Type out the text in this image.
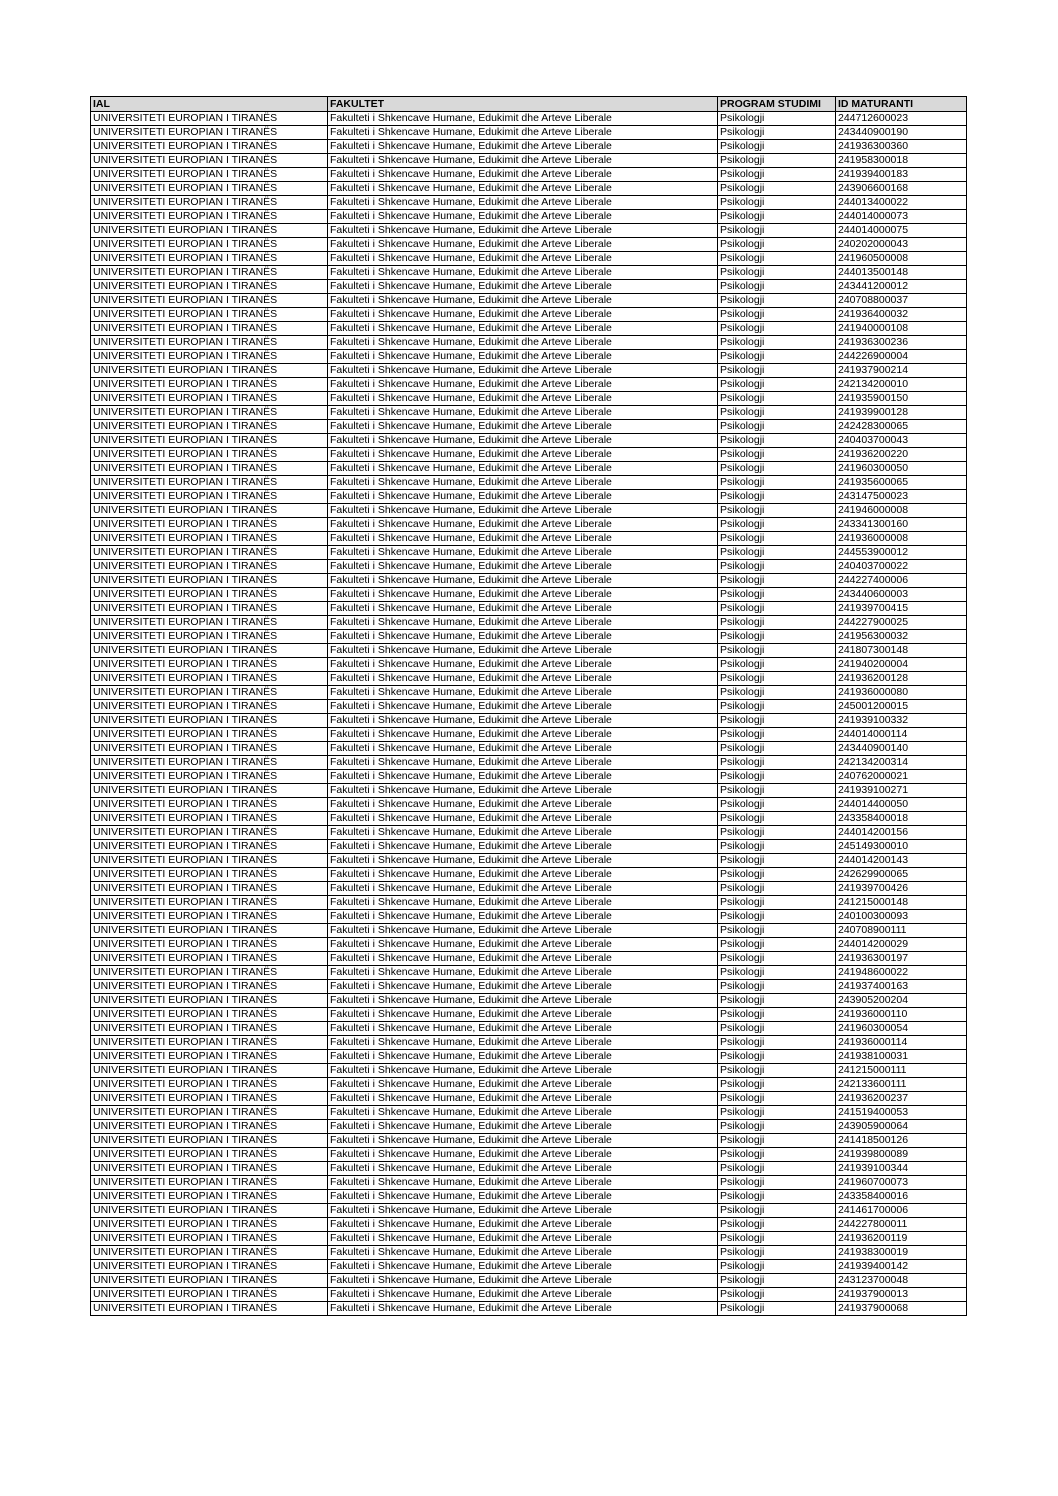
IAL	FAKULTET	PROGRAM STUDIMI	ID MATURANTI
UNIVERSITETI EUROPIAN I TIRANËS	Fakulteti i Shkencave Humane, Edukimit dhe Arteve Liberale	Psikologji	244712600023
UNIVERSITETI EUROPIAN I TIRANËS	Fakulteti i Shkencave Humane, Edukimit dhe Arteve Liberale	Psikologji	243440900190
UNIVERSITETI EUROPIAN I TIRANËS	Fakulteti i Shkencave Humane, Edukimit dhe Arteve Liberale	Psikologji	241936300360
UNIVERSITETI EUROPIAN I TIRANËS	Fakulteti i Shkencave Humane, Edukimit dhe Arteve Liberale	Psikologji	241958300018
UNIVERSITETI EUROPIAN I TIRANËS	Fakulteti i Shkencave Humane, Edukimit dhe Arteve Liberale	Psikologji	241939400183
UNIVERSITETI EUROPIAN I TIRANËS	Fakulteti i Shkencave Humane, Edukimit dhe Arteve Liberale	Psikologji	243906600168
UNIVERSITETI EUROPIAN I TIRANËS	Fakulteti i Shkencave Humane, Edukimit dhe Arteve Liberale	Psikologji	244013400022
UNIVERSITETI EUROPIAN I TIRANËS	Fakulteti i Shkencave Humane, Edukimit dhe Arteve Liberale	Psikologji	244014000073
UNIVERSITETI EUROPIAN I TIRANËS	Fakulteti i Shkencave Humane, Edukimit dhe Arteve Liberale	Psikologji	244014000075
UNIVERSITETI EUROPIAN I TIRANËS	Fakulteti i Shkencave Humane, Edukimit dhe Arteve Liberale	Psikologji	240202000043
UNIVERSITETI EUROPIAN I TIRANËS	Fakulteti i Shkencave Humane, Edukimit dhe Arteve Liberale	Psikologji	241960500008
UNIVERSITETI EUROPIAN I TIRANËS	Fakulteti i Shkencave Humane, Edukimit dhe Arteve Liberale	Psikologji	244013500148
UNIVERSITETI EUROPIAN I TIRANËS	Fakulteti i Shkencave Humane, Edukimit dhe Arteve Liberale	Psikologji	243441200012
UNIVERSITETI EUROPIAN I TIRANËS	Fakulteti i Shkencave Humane, Edukimit dhe Arteve Liberale	Psikologji	240708800037
UNIVERSITETI EUROPIAN I TIRANËS	Fakulteti i Shkencave Humane, Edukimit dhe Arteve Liberale	Psikologji	241936400032
UNIVERSITETI EUROPIAN I TIRANËS	Fakulteti i Shkencave Humane, Edukimit dhe Arteve Liberale	Psikologji	241940000108
UNIVERSITETI EUROPIAN I TIRANËS	Fakulteti i Shkencave Humane, Edukimit dhe Arteve Liberale	Psikologji	241936300236
UNIVERSITETI EUROPIAN I TIRANËS	Fakulteti i Shkencave Humane, Edukimit dhe Arteve Liberale	Psikologji	244226900004
UNIVERSITETI EUROPIAN I TIRANËS	Fakulteti i Shkencave Humane, Edukimit dhe Arteve Liberale	Psikologji	241937900214
UNIVERSITETI EUROPIAN I TIRANËS	Fakulteti i Shkencave Humane, Edukimit dhe Arteve Liberale	Psikologji	242134200010
UNIVERSITETI EUROPIAN I TIRANËS	Fakulteti i Shkencave Humane, Edukimit dhe Arteve Liberale	Psikologji	241935900150
UNIVERSITETI EUROPIAN I TIRANËS	Fakulteti i Shkencave Humane, Edukimit dhe Arteve Liberale	Psikologji	241939900128
UNIVERSITETI EUROPIAN I TIRANËS	Fakulteti i Shkencave Humane, Edukimit dhe Arteve Liberale	Psikologji	242428300065
UNIVERSITETI EUROPIAN I TIRANËS	Fakulteti i Shkencave Humane, Edukimit dhe Arteve Liberale	Psikologji	240403700043
UNIVERSITETI EUROPIAN I TIRANËS	Fakulteti i Shkencave Humane, Edukimit dhe Arteve Liberale	Psikologji	241936200220
UNIVERSITETI EUROPIAN I TIRANËS	Fakulteti i Shkencave Humane, Edukimit dhe Arteve Liberale	Psikologji	241960300050
UNIVERSITETI EUROPIAN I TIRANËS	Fakulteti i Shkencave Humane, Edukimit dhe Arteve Liberale	Psikologji	241935600065
UNIVERSITETI EUROPIAN I TIRANËS	Fakulteti i Shkencave Humane, Edukimit dhe Arteve Liberale	Psikologji	243147500023
UNIVERSITETI EUROPIAN I TIRANËS	Fakulteti i Shkencave Humane, Edukimit dhe Arteve Liberale	Psikologji	241946000008
UNIVERSITETI EUROPIAN I TIRANËS	Fakulteti i Shkencave Humane, Edukimit dhe Arteve Liberale	Psikologji	243341300160
UNIVERSITETI EUROPIAN I TIRANËS	Fakulteti i Shkencave Humane, Edukimit dhe Arteve Liberale	Psikologji	241936000008
UNIVERSITETI EUROPIAN I TIRANËS	Fakulteti i Shkencave Humane, Edukimit dhe Arteve Liberale	Psikologji	244553900012
UNIVERSITETI EUROPIAN I TIRANËS	Fakulteti i Shkencave Humane, Edukimit dhe Arteve Liberale	Psikologji	240403700022
UNIVERSITETI EUROPIAN I TIRANËS	Fakulteti i Shkencave Humane, Edukimit dhe Arteve Liberale	Psikologji	244227400006
UNIVERSITETI EUROPIAN I TIRANËS	Fakulteti i Shkencave Humane, Edukimit dhe Arteve Liberale	Psikologji	243440600003
UNIVERSITETI EUROPIAN I TIRANËS	Fakulteti i Shkencave Humane, Edukimit dhe Arteve Liberale	Psikologji	241939700415
UNIVERSITETI EUROPIAN I TIRANËS	Fakulteti i Shkencave Humane, Edukimit dhe Arteve Liberale	Psikologji	244227900025
UNIVERSITETI EUROPIAN I TIRANËS	Fakulteti i Shkencave Humane, Edukimit dhe Arteve Liberale	Psikologji	241956300032
UNIVERSITETI EUROPIAN I TIRANËS	Fakulteti i Shkencave Humane, Edukimit dhe Arteve Liberale	Psikologji	241807300148
UNIVERSITETI EUROPIAN I TIRANËS	Fakulteti i Shkencave Humane, Edukimit dhe Arteve Liberale	Psikologji	241940200004
UNIVERSITETI EUROPIAN I TIRANËS	Fakulteti i Shkencave Humane, Edukimit dhe Arteve Liberale	Psikologji	241936200128
UNIVERSITETI EUROPIAN I TIRANËS	Fakulteti i Shkencave Humane, Edukimit dhe Arteve Liberale	Psikologji	241936000080
UNIVERSITETI EUROPIAN I TIRANËS	Fakulteti i Shkencave Humane, Edukimit dhe Arteve Liberale	Psikologji	245001200015
UNIVERSITETI EUROPIAN I TIRANËS	Fakulteti i Shkencave Humane, Edukimit dhe Arteve Liberale	Psikologji	241939100332
UNIVERSITETI EUROPIAN I TIRANËS	Fakulteti i Shkencave Humane, Edukimit dhe Arteve Liberale	Psikologji	244014000114
UNIVERSITETI EUROPIAN I TIRANËS	Fakulteti i Shkencave Humane, Edukimit dhe Arteve Liberale	Psikologji	243440900140
UNIVERSITETI EUROPIAN I TIRANËS	Fakulteti i Shkencave Humane, Edukimit dhe Arteve Liberale	Psikologji	242134200314
UNIVERSITETI EUROPIAN I TIRANËS	Fakulteti i Shkencave Humane, Edukimit dhe Arteve Liberale	Psikologji	240762000021
UNIVERSITETI EUROPIAN I TIRANËS	Fakulteti i Shkencave Humane, Edukimit dhe Arteve Liberale	Psikologji	241939100271
UNIVERSITETI EUROPIAN I TIRANËS	Fakulteti i Shkencave Humane, Edukimit dhe Arteve Liberale	Psikologji	244014400050
UNIVERSITETI EUROPIAN I TIRANËS	Fakulteti i Shkencave Humane, Edukimit dhe Arteve Liberale	Psikologji	243358400018
UNIVERSITETI EUROPIAN I TIRANËS	Fakulteti i Shkencave Humane, Edukimit dhe Arteve Liberale	Psikologji	244014200156
UNIVERSITETI EUROPIAN I TIRANËS	Fakulteti i Shkencave Humane, Edukimit dhe Arteve Liberale	Psikologji	245149300010
UNIVERSITETI EUROPIAN I TIRANËS	Fakulteti i Shkencave Humane, Edukimit dhe Arteve Liberale	Psikologji	244014200143
UNIVERSITETI EUROPIAN I TIRANËS	Fakulteti i Shkencave Humane, Edukimit dhe Arteve Liberale	Psikologji	242629900065
UNIVERSITETI EUROPIAN I TIRANËS	Fakulteti i Shkencave Humane, Edukimit dhe Arteve Liberale	Psikologji	241939700426
UNIVERSITETI EUROPIAN I TIRANËS	Fakulteti i Shkencave Humane, Edukimit dhe Arteve Liberale	Psikologji	241215000148
UNIVERSITETI EUROPIAN I TIRANËS	Fakulteti i Shkencave Humane, Edukimit dhe Arteve Liberale	Psikologji	240100300093
UNIVERSITETI EUROPIAN I TIRANËS	Fakulteti i Shkencave Humane, Edukimit dhe Arteve Liberale	Psikologji	240708900111
UNIVERSITETI EUROPIAN I TIRANËS	Fakulteti i Shkencave Humane, Edukimit dhe Arteve Liberale	Psikologji	244014200029
UNIVERSITETI EUROPIAN I TIRANËS	Fakulteti i Shkencave Humane, Edukimit dhe Arteve Liberale	Psikologji	241936300197
UNIVERSITETI EUROPIAN I TIRANËS	Fakulteti i Shkencave Humane, Edukimit dhe Arteve Liberale	Psikologji	241948600022
UNIVERSITETI EUROPIAN I TIRANËS	Fakulteti i Shkencave Humane, Edukimit dhe Arteve Liberale	Psikologji	241937400163
UNIVERSITETI EUROPIAN I TIRANËS	Fakulteti i Shkencave Humane, Edukimit dhe Arteve Liberale	Psikologji	243905200204
UNIVERSITETI EUROPIAN I TIRANËS	Fakulteti i Shkencave Humane, Edukimit dhe Arteve Liberale	Psikologji	241936000110
UNIVERSITETI EUROPIAN I TIRANËS	Fakulteti i Shkencave Humane, Edukimit dhe Arteve Liberale	Psikologji	241960300054
UNIVERSITETI EUROPIAN I TIRANËS	Fakulteti i Shkencave Humane, Edukimit dhe Arteve Liberale	Psikologji	241936000114
UNIVERSITETI EUROPIAN I TIRANËS	Fakulteti i Shkencave Humane, Edukimit dhe Arteve Liberale	Psikologji	241938100031
UNIVERSITETI EUROPIAN I TIRANËS	Fakulteti i Shkencave Humane, Edukimit dhe Arteve Liberale	Psikologji	241215000111
UNIVERSITETI EUROPIAN I TIRANËS	Fakulteti i Shkencave Humane, Edukimit dhe Arteve Liberale	Psikologji	242133600111
UNIVERSITETI EUROPIAN I TIRANËS	Fakulteti i Shkencave Humane, Edukimit dhe Arteve Liberale	Psikologji	241936200237
UNIVERSITETI EUROPIAN I TIRANËS	Fakulteti i Shkencave Humane, Edukimit dhe Arteve Liberale	Psikologji	241519400053
UNIVERSITETI EUROPIAN I TIRANËS	Fakulteti i Shkencave Humane, Edukimit dhe Arteve Liberale	Psikologji	243905900064
UNIVERSITETI EUROPIAN I TIRANËS	Fakulteti i Shkencave Humane, Edukimit dhe Arteve Liberale	Psikologji	241418500126
UNIVERSITETI EUROPIAN I TIRANËS	Fakulteti i Shkencave Humane, Edukimit dhe Arteve Liberale	Psikologji	241939800089
UNIVERSITETI EUROPIAN I TIRANËS	Fakulteti i Shkencave Humane, Edukimit dhe Arteve Liberale	Psikologji	241939100344
UNIVERSITETI EUROPIAN I TIRANËS	Fakulteti i Shkencave Humane, Edukimit dhe Arteve Liberale	Psikologji	241960700073
UNIVERSITETI EUROPIAN I TIRANËS	Fakulteti i Shkencave Humane, Edukimit dhe Arteve Liberale	Psikologji	243358400016
UNIVERSITETI EUROPIAN I TIRANËS	Fakulteti i Shkencave Humane, Edukimit dhe Arteve Liberale	Psikologji	241461700006
UNIVERSITETI EUROPIAN I TIRANËS	Fakulteti i Shkencave Humane, Edukimit dhe Arteve Liberale	Psikologji	244227800011
UNIVERSITETI EUROPIAN I TIRANËS	Fakulteti i Shkencave Humane, Edukimit dhe Arteve Liberale	Psikologji	241936200119
UNIVERSITETI EUROPIAN I TIRANËS	Fakulteti i Shkencave Humane, Edukimit dhe Arteve Liberale	Psikologji	241938300019
UNIVERSITETI EUROPIAN I TIRANËS	Fakulteti i Shkencave Humane, Edukimit dhe Arteve Liberale	Psikologji	241939400142
UNIVERSITETI EUROPIAN I TIRANËS	Fakulteti i Shkencave Humane, Edukimit dhe Arteve Liberale	Psikologji	243123700048
UNIVERSITETI EUROPIAN I TIRANËS	Fakulteti i Shkencave Humane, Edukimit dhe Arteve Liberale	Psikologji	241937900013
UNIVERSITETI EUROPIAN I TIRANËS	Fakulteti i Shkencave Humane, Edukimit dhe Arteve Liberale	Psikologji	241937900068
